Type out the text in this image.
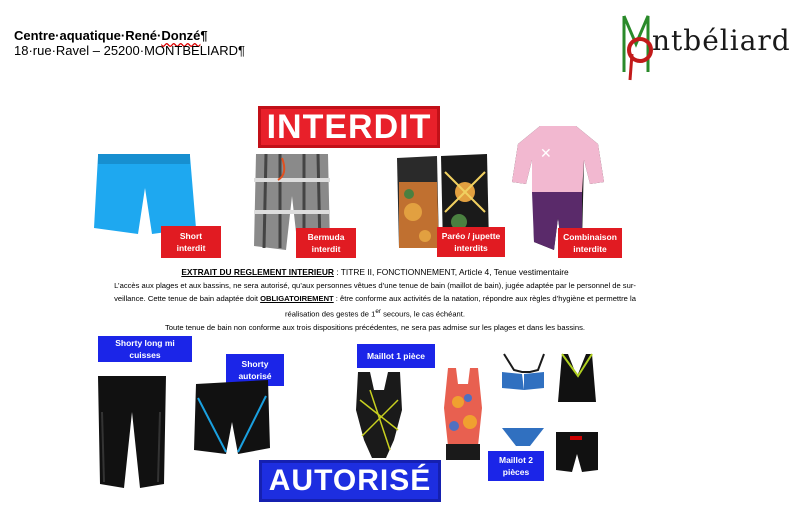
Centre·aquatique·René·Donzé¶
18·rue·Ravel – 25200·MONTBELIARD¶	ntbéliard
INTERDIT
✕
Short
interdit
Bermuda
interdit
Paréo / jupette
interdits
Combinaison
interdite

EXTRAIT DU REGLEMENT INTERIEUR : TITRE II, FONCTIONNEMENT, Article 4, Tenue vestimentaire

L’accès aux plages et aux bassins, ne sera autorisé, qu’aux personnes vêtues d’une tenue de bain (maillot de bain), jugée adaptée par le personnel de sur-

veillance. Cette tenue de bain adaptée doit OBLIGATOIREMENT : être conforme aux activités de la natation, répondre aux règles d’hygiène et permettre la

réalisation des gestes de 1er secours, le cas échéant.

Toute tenue de bain non conforme aux trois dispositions précédentes, ne sera pas admise sur les plages et dans les bassins.

Shorty long mi cuisses
Shorty
autorisé
Maillot 1 pièce
Maillot 2
pièces
AUTORISÉ
